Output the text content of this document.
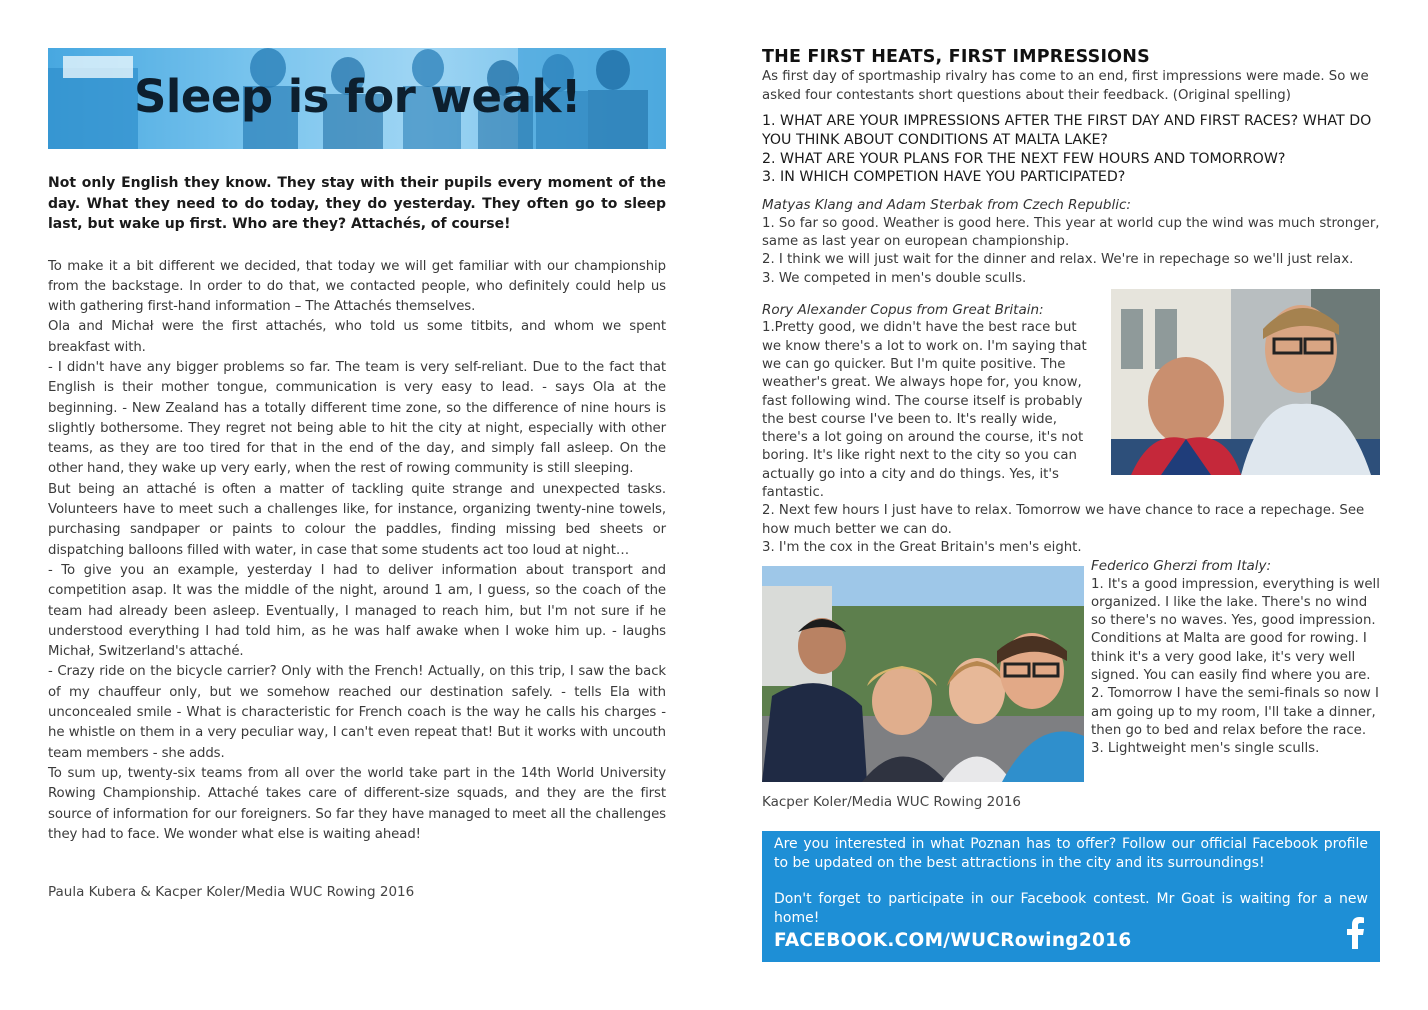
Sleep is for weak!
Not only English they know. They stay with their pupils every moment of the day. What they need to do today, they do yesterday. They often go to sleep last, but wake up first. Who are they? Attachés, of course!

To make it a bit different we decided, that today we will get familiar with our championship from the backstage. In order to do that, we contacted people, who definitely could help us with gathering first-hand information – The Attachés themselves.

Ola and Michał were the first attachés, who told us some titbits, and whom we spent breakfast with.

- I didn't have any bigger problems so far. The team is very self-reliant. Due to the fact that English is their mother tongue, communication is very easy to lead. - says Ola at the beginning. - New Zealand has a totally different time zone, so the difference of nine hours is slightly bothersome. They regret not being able to hit the city at night, especially with other teams, as they are too tired for that in the end of the day, and simply fall asleep. On the other hand, they wake up very early, when the rest of rowing community is still sleeping.

But being an attaché is often a matter of tackling quite strange and unexpected tasks. Volunteers have to meet such a challenges like, for instance, organizing twenty-nine towels, purchasing sandpaper or paints to colour the paddles, finding missing bed sheets or dispatching balloons filled with water, in case that some students act too loud at night…

- To give you an example, yesterday I had to deliver information about transport and competition asap. It was the middle of the night, around 1 am, I guess, so the coach of the team had already been asleep. Eventually, I managed to reach him, but I'm not sure if he understood everything I had told him, as he was half awake when I woke him up. - laughs Michał, Switzerland's attaché.

- Crazy ride on the bicycle carrier? Only with the French! Actually, on this trip, I saw the back of my chauffeur only, but we somehow reached our destination safely. - tells Ela with unconcealed smile - What is characteristic for French coach is the way he calls his charges - he whistle on them in a very peculiar way, I can't even repeat that! But it works with uncouth team members - she adds.

To sum up, twenty-six teams from all over the world take part in the 14th World University Rowing Championship. Attaché takes care of different-size squads, and they are the first source of information for our foreigners. So far they have managed to meet all the challenges they had to face. We wonder what else is waiting ahead!

Paula Kubera & Kacper Koler/Media WUC Rowing 2016
THE FIRST HEATS, FIRST IMPRESSIONS
As first day of sportmaship rivalry has come to an end, first impressions were made. So we asked four contestants short questions about their feedback. (Original spelling)
1. WHAT ARE YOUR IMPRESSIONS AFTER THE FIRST DAY AND FIRST RACES? WHAT DO
YOU THINK ABOUT CONDITIONS AT MALTA LAKE?
2. WHAT ARE YOUR PLANS FOR THE NEXT FEW HOURS AND TOMORROW?
3. IN WHICH COMPETION HAVE YOU PARTICIPATED?
Matyas Klang and Adam Sterbak from Czech Republic:
1. So far so good. Weather is good here. This year at world cup the wind was much stronger, same as last year on european championship.
2. I think we will just wait for the dinner and relax. We're in repechage so we'll just relax.
3. We competed in men's double sculls.
Rory Alexander Copus from Great Britain:
1.Pretty good, we didn't have the best race but we know there's a lot to work on. I'm saying that we can go quicker. But I'm quite positive. The weather's great. We always hope for, you know, fast following wind. The course itself is probably the best course I've been to. It's really wide, there's a lot going on around the course, it's not boring. It's like right next to the city so you can actually go into a city and do things. Yes, it's fantastic.
2. Next few hours I just have to relax. Tomorrow we have chance to race a repechage. See how much better we can do.
3. I'm the cox in the Great Britain's men's eight.
Kacper Koler/Media WUC Rowing 2016
Federico Gherzi from Italy:
1. It's a good impression, everything is well organized. I like the lake. There's no wind so there's no waves. Yes, good impression. Conditions at Malta are good for rowing. I think it's a very good lake, it's very well signed. You can easily find where you are.
2. Tomorrow I have the semi-finals so now I am going up to my room, I'll take a dinner, then go to bed and relax before the race.
3. Lightweight men's single sculls.
Are you interested in what Poznan has to offer? Follow our official Facebook profile to be updated on the best attractions in the city and its surroundings!
Don't forget to participate in our Facebook contest. Mr Goat is waiting for a new home!
FACEBOOK.COM/WUCRowing2016
